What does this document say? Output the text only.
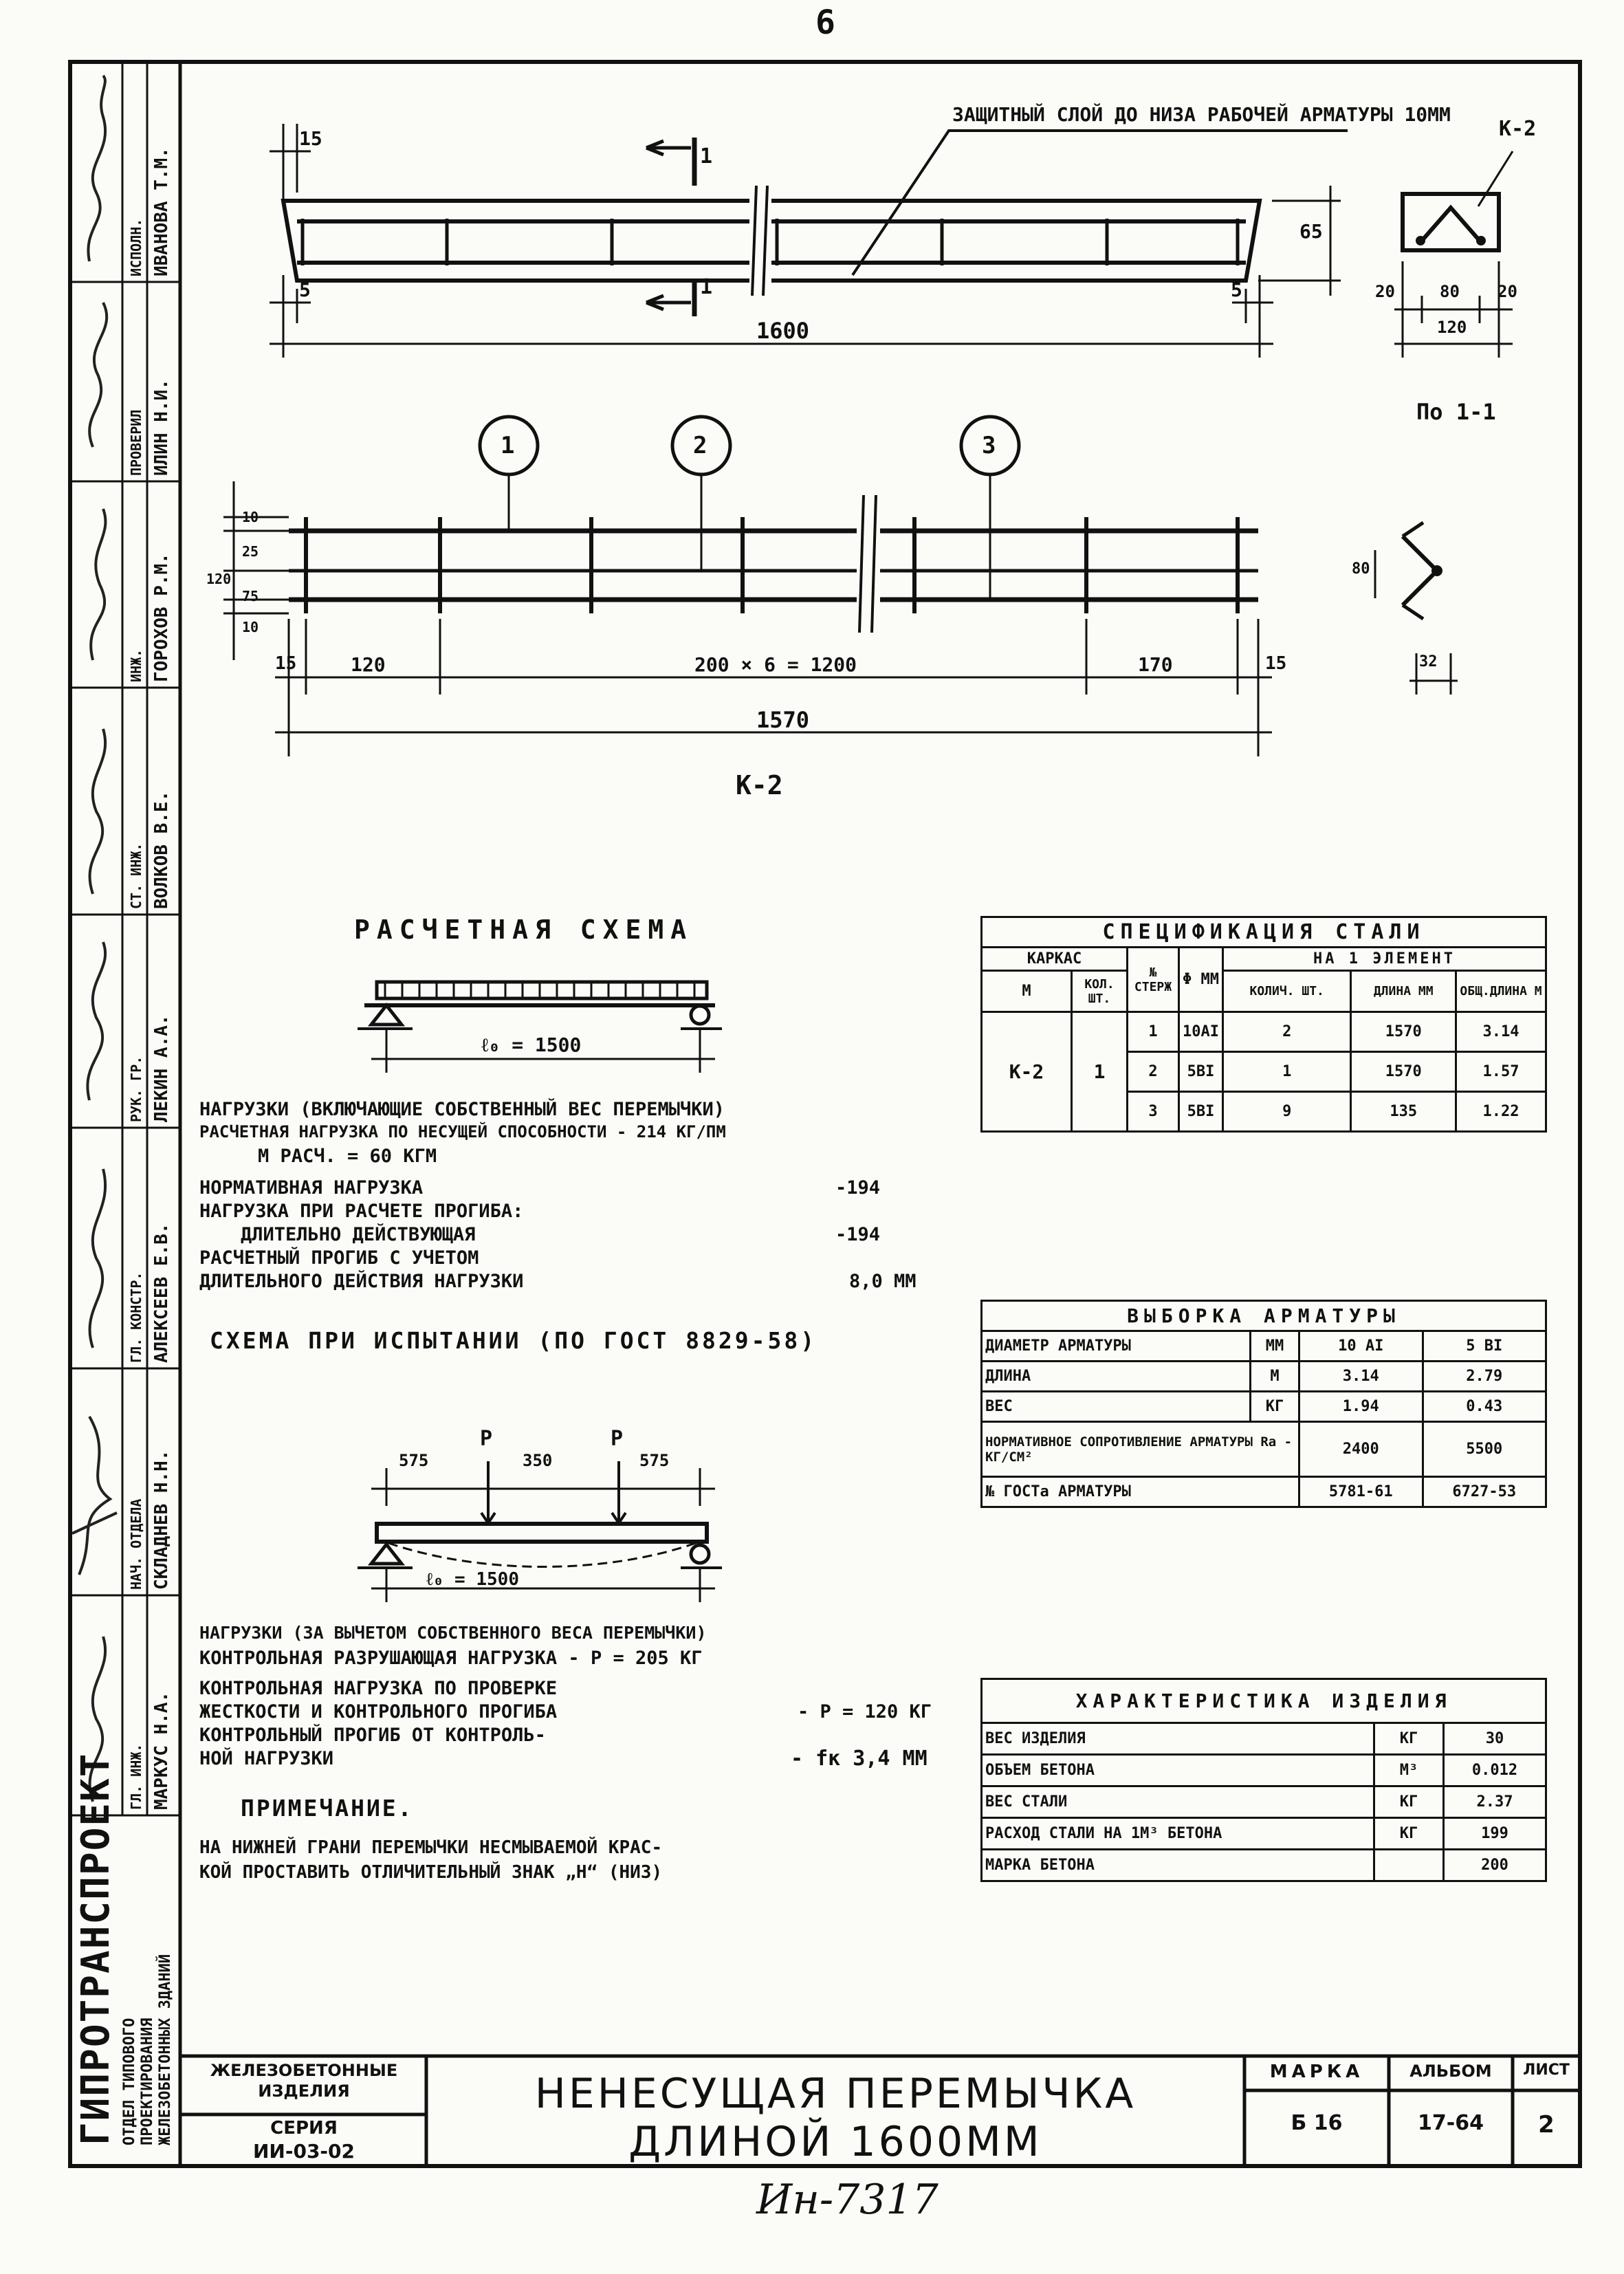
6
ГИПРОТРАНСПРОЕКТ ОТДЕЛ ТИПОВОГО ПРОЕКТИРОВАНИЯ ЖЕЛЕЗОБЕТОННЫХ ЗДАНИЙ
ГЛ. ИНЖ. МАРКУС Н.А.
НАЧ. ОТДЕЛА СКЛАДНЕВ Н.Н.
ГЛ. КОНСТР. АЛЕКСЕЕВ Е.В.
РУК. ГР. ЛЕКИН А.А.
СТ. ИНЖ. ВОЛКОВ В.Е.
ИНЖ. ГОРОХОВ Р.М.
ПРОВЕРИЛ ИЛИН Н.И.
ИСПОЛН. ИВАНОВА Т.М.
ЗАЩИТНЫЙ СЛОЙ ДО НИЗА РАБОЧЕЙ АРМАТУРЫ 10ММ
15
5	5
1600
65
1
1
К-2
По 1-1
20	80 20
120
1	2	3
10
120
10
25
75
15	120	200 × 6 = 1200	170	15
1570
К-2
80
32
РАСЧЕТНАЯ СХЕМА
ℓ₀ = 1500
НАГРУЗКИ (ВКЛЮЧАЮЩИЕ СОБСТВЕННЫЙ ВЕС ПЕРЕМЫЧКИ)
РАСЧЕТНАЯ НАГРУЗКА ПО НЕСУЩЕЙ СПОСОБНОСТИ - 214 КГ/ПМ
М РАСЧ. = 60 КГМ
НОРМАТИВНАЯ НАГРУЗКА	-194
НАГРУЗКА ПРИ РАСЧЕТЕ ПРОГИБА:
ДЛИТЕЛЬНО ДЕЙСТВУЮЩАЯ	-194
РАСЧЕТНЫЙ ПРОГИБ С УЧЕТОМ
ДЛИТЕЛЬНОГО ДЕЙСТВИЯ НАГРУЗКИ	8,0 ММ
СХЕМА ПРИ ИСПЫТАНИИ (ПО ГОСТ 8829-58)
575	350	575
P	P
ℓ₀ = 1500
НАГРУЗКИ (ЗА ВЫЧЕТОМ СОБСТВЕННОГО ВЕСА ПЕРЕМЫЧКИ)
КОНТРОЛЬНАЯ РАЗРУШАЮЩАЯ НАГРУЗКА - P = 205 КГ
КОНТРОЛЬНАЯ НАГРУЗКА ПО ПРОВЕРКЕ
ЖЕСТКОСТИ И КОНТРОЛЬНОГО ПРОГИБА	- P = 120 КГ
КОНТРОЛЬНЫЙ ПРОГИБ ОТ КОНТРОЛЬ-
НОЙ НАГРУЗКИ	- fк 3,4 ММ
ПРИМЕЧАНИЕ.
НА НИЖНЕЙ ГРАНИ ПЕРЕМЫЧКИ НЕСМЫВАЕМОЙ КРАС-
КОЙ ПРОСТАВИТЬ ОТЛИЧИТЕЛЬНЫЙ ЗНАК „Н“ (НИЗ)
СПЕЦИФИКАЦИЯ СТАЛИ						
КАРКАС		№ СТЕРЖ	Φ ММ	НА 1 ЭЛЕМЕНТ		
М	КОЛ. ШТ.			КОЛИЧ. ШТ.	ДЛИНА ММ	ОБЩ.ДЛИНА М
К-2	1	1	10AI	2	1570	3.14
		2	5BI	1	1570	1.57
		3	5BI	9	135	1.22
ВЫБОРКА АРМАТУРЫ			
ДИАМЕТР АРМАТУРЫ	ММ	10 AI	5 BI
ДЛИНА	М	3.14	2.79
ВЕС	КГ	1.94	0.43
НОРМАТИВНОЕ СОПРОТИВЛЕНИЕ АРМАТУРЫ Rа - КГ/СМ²		2400	5500
№ ГОСТа АРМАТУРЫ		5781-61	6727-53
ХАРАКТЕРИСТИКА ИЗДЕЛИЯ		
ВЕС ИЗДЕЛИЯ	КГ	30
ОБЪЕМ БЕТОНА	М³	0.012
ВЕС СТАЛИ	КГ	2.37
РАСХОД СТАЛИ НА 1М³ БЕТОНА	КГ	199
МАРКА БЕТОНА		200
ЖЕЛЕЗОБЕТОННЫЕ ИЗДЕЛИЯ
СЕРИЯ
ИИ-03-02
НЕНЕСУЩАЯ ПЕРЕМЫЧКА
ДЛИНОЙ 1600ММ
МАРКА
Б 16
АЛЬБОМ
17-64
ЛИСТ
2
Ин-7317
